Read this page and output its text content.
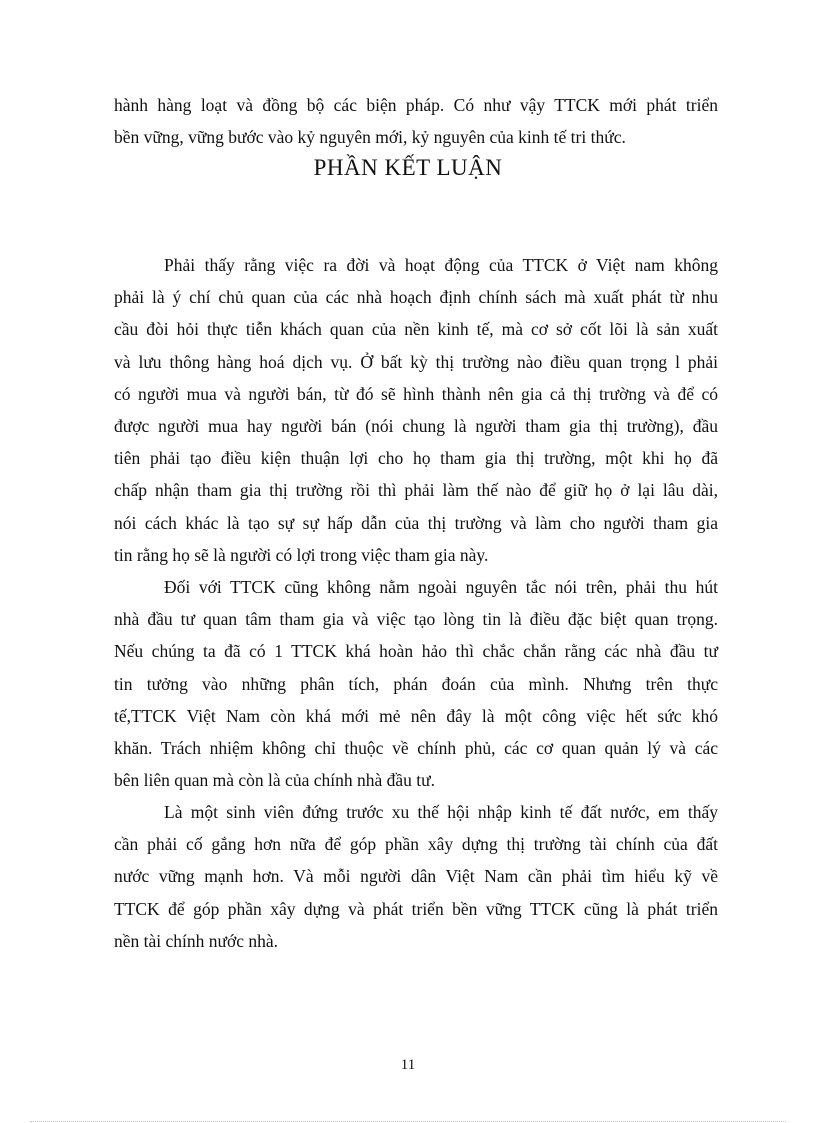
hành hàng loạt và đồng bộ các biện pháp. Có như vậy TTCK mới phát triển
bền vững, vững bước vào kỷ nguyên mới, kỷ nguyên của kinh tế tri thức.
PHẦN KẾT LUẬN
Phải thấy rằng việc ra đời và hoạt động của TTCK ở Việt nam không
phải là ý chí chủ quan của các nhà hoạch định chính sách mà xuất phát từ nhu
cầu đòi hỏi thực tiễn khách quan của nền kinh tế, mà cơ sở cốt lõi là sản xuất
và lưu thông hàng hoá dịch vụ. Ở bất kỳ thị trường nào điều quan trọng l phải
có người mua và người bán, từ đó sẽ hình thành nên gia cả thị trường và để có
được người mua hay người bán (nói chung là người tham gia thị trường), đầu
tiên phải tạo điều kiện thuận lợi cho họ tham gia thị trường, một khi họ đã
chấp nhận tham gia thị trường rồi thì phải làm thế nào để giữ họ ở lại lâu dài,
nói cách khác là tạo sự sự hấp dẫn của thị trường và làm cho người tham gia
tin rằng họ sẽ là người có lợi trong việc tham gia này.
Đối với TTCK cũng không nằm ngoài nguyên tắc nói trên, phải thu hút
nhà đầu tư quan tâm tham gia và việc tạo lòng tin là điều đặc biệt quan trọng.
Nếu chúng ta đã có 1 TTCK khá hoàn hảo thì chắc chắn rằng các nhà đầu tư
tin tưởng vào những phân tích, phán đoán của mình. Nhưng trên thực
tế,TTCK Việt Nam còn khá mới mẻ nên đây là một công việc hết sức khó
khăn. Trách nhiệm không chỉ thuộc về chính phủ, các cơ quan quản lý và các
bên liên quan mà còn là của chính nhà đầu tư.
Là một sinh viên đứng trước xu thế hội nhập kinh tế đất nước, em thấy
cần phải cố gắng hơn nữa để góp phần xây dựng thị trường tài chính của đất
nước vững mạnh hơn. Và mỗi người dân Việt Nam cần phải tìm hiểu kỹ về
TTCK để góp phần xây dựng và phát triển bền vững TTCK cũng là phát triển
nền tài chính nước nhà.
11
